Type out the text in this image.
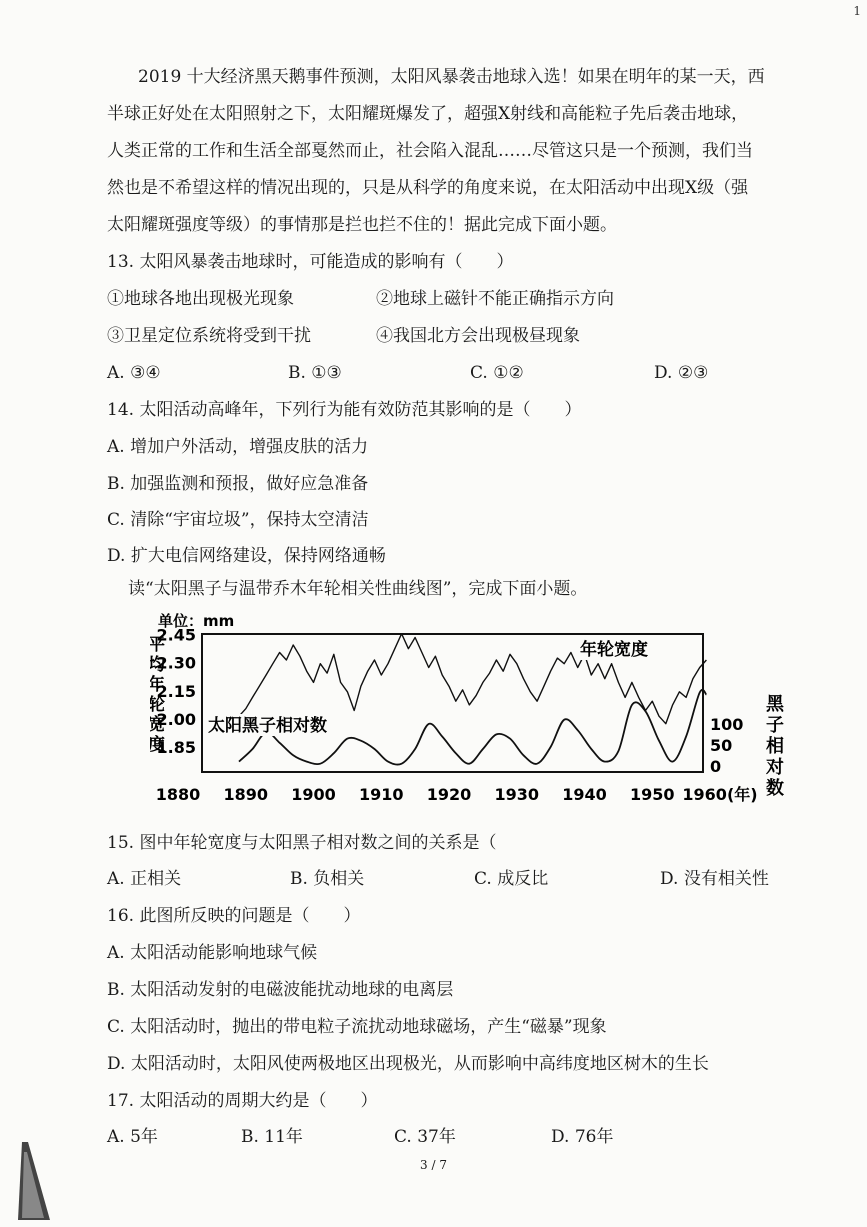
1
2019 十大经济黑天鹅事件预测，太阳风暴袭击地球入选！如果在明年的某一天，西
半球正好处在太阳照射之下，太阳耀斑爆发了，超强X射线和高能粒子先后袭击地球，
人类正常的工作和生活全部戛然而止，社会陷入混乱……尽管这只是一个预测，我们当
然也是不希望这样的情况出现的，只是从科学的角度来说，在太阳活动中出现X级（强
太阳耀斑强度等级）的事情那是拦也拦不住的！据此完成下面小题。
13. 太阳风暴袭击地球时，可能造成的影响有（　　）
①地球各地出现极光现象	②地球上磁针不能正确指示方向
③卫星定位系统将受到干扰	④我国北方会出现极昼现象
A. ③④	B. ①③	C. ①②	D. ②③
14. 太阳活动高峰年，下列行为能有效防范其影响的是（　　）
A. 增加户外活动，增强皮肤的活力
B. 加强监测和预报，做好应急准备
C. 清除“宇宙垃圾”，保持太空清洁
D. 扩大电信网络建设，保持网络通畅
读“太阳黑子与温带乔木年轮相关性曲线图”，完成下面小题。
单位：mm
平
均
年
轮
宽
度
黑
子
相
对
数
1.85
2.00
2.15
2.30
2.45
0
50
100
1880 1890 1900 1910 1920 1930 1940 1950 1960(年)
年轮宽度
太阳黑子相对数
15. 图中年轮宽度与太阳黑子相对数之间的关系是（
A. 正相关	B. 负相关	C. 成反比	D. 没有相关性
16. 此图所反映的问题是（　　）
A. 太阳活动能影响地球气候
B. 太阳活动发射的电磁波能扰动地球的电离层
C. 太阳活动时，抛出的带电粒子流扰动地球磁场，产生“磁暴”现象
D. 太阳活动时，太阳风使两极地区出现极光，从而影响中高纬度地区树木的生长
17. 太阳活动的周期大约是（　　）
A. 5年	B. 11年	C. 37年	D. 76年
3 / 7
